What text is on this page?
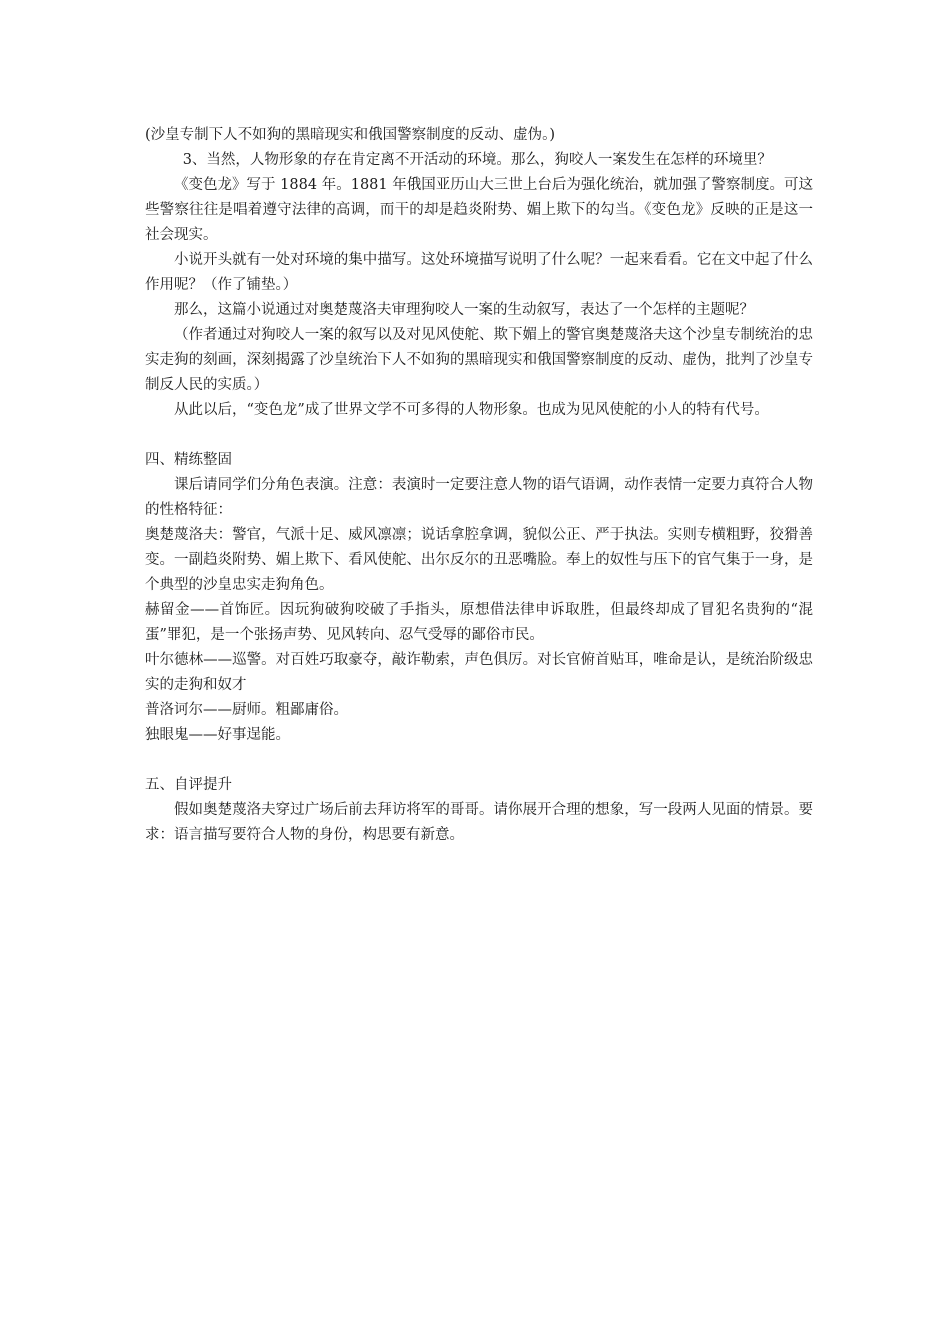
(沙皇专制下人不如狗的黑暗现实和俄国警察制度的反动、虚伪。)

3、当然，人物形象的存在肯定离不开活动的环境。那么，狗咬人一案发生在怎样的环境里？

《变色龙》写于 1884 年。1881 年俄国亚历山大三世上台后为强化统治，就加强了警察制度。可这些警察往往是唱着遵守法律的高调，而干的却是趋炎附势、媚上欺下的勾当。《变色龙》反映的正是这一社会现实。

小说开头就有一处对环境的集中描写。这处环境描写说明了什么呢？一起来看看。它在文中起了什么作用呢？（作了铺垫。）

那么，这篇小说通过对奥楚蔑洛夫审理狗咬人一案的生动叙写，表达了一个怎样的主题呢？

（作者通过对狗咬人一案的叙写以及对见风使舵、欺下媚上的警官奥楚蔑洛夫这个沙皇专制统治的忠实走狗的刻画，深刻揭露了沙皇统治下人不如狗的黑暗现实和俄国警察制度的反动、虚伪，批判了沙皇专制反人民的实质。）

从此以后，“变色龙”成了世界文学不可多得的人物形象。也成为见风使舵的小人的特有代号。

四、精练整固

课后请同学们分角色表演。注意：表演时一定要注意人物的语气语调，动作表情一定要力真符合人物的性格特征：

奥楚蔑洛夫：警官，气派十足、威风凛凛；说话拿腔拿调，貌似公正、严于执法。实则专横粗野，狡猾善变。一副趋炎附势、媚上欺下、看风使舵、出尔反尔的丑恶嘴脸。奉上的奴性与压下的官气集于一身，是个典型的沙皇忠实走狗角色。

赫留金——首饰匠。因玩狗破狗咬破了手指头，原想借法律申诉取胜，但最终却成了冒犯名贵狗的“混蛋”罪犯，是一个张扬声势、见风转向、忍气受辱的鄙俗市民。

叶尔德林——巡警。对百姓巧取豪夺，敲诈勒索，声色俱厉。对长官俯首贴耳，唯命是认，是统治阶级忠实的走狗和奴才

普洛诃尔——厨师。粗鄙庸俗。

独眼鬼——好事逞能。

五、自评提升

假如奥楚蔑洛夫穿过广场后前去拜访将军的哥哥。请你展开合理的想象，写一段两人见面的情景。要求：语言描写要符合人物的身份，构思要有新意。
